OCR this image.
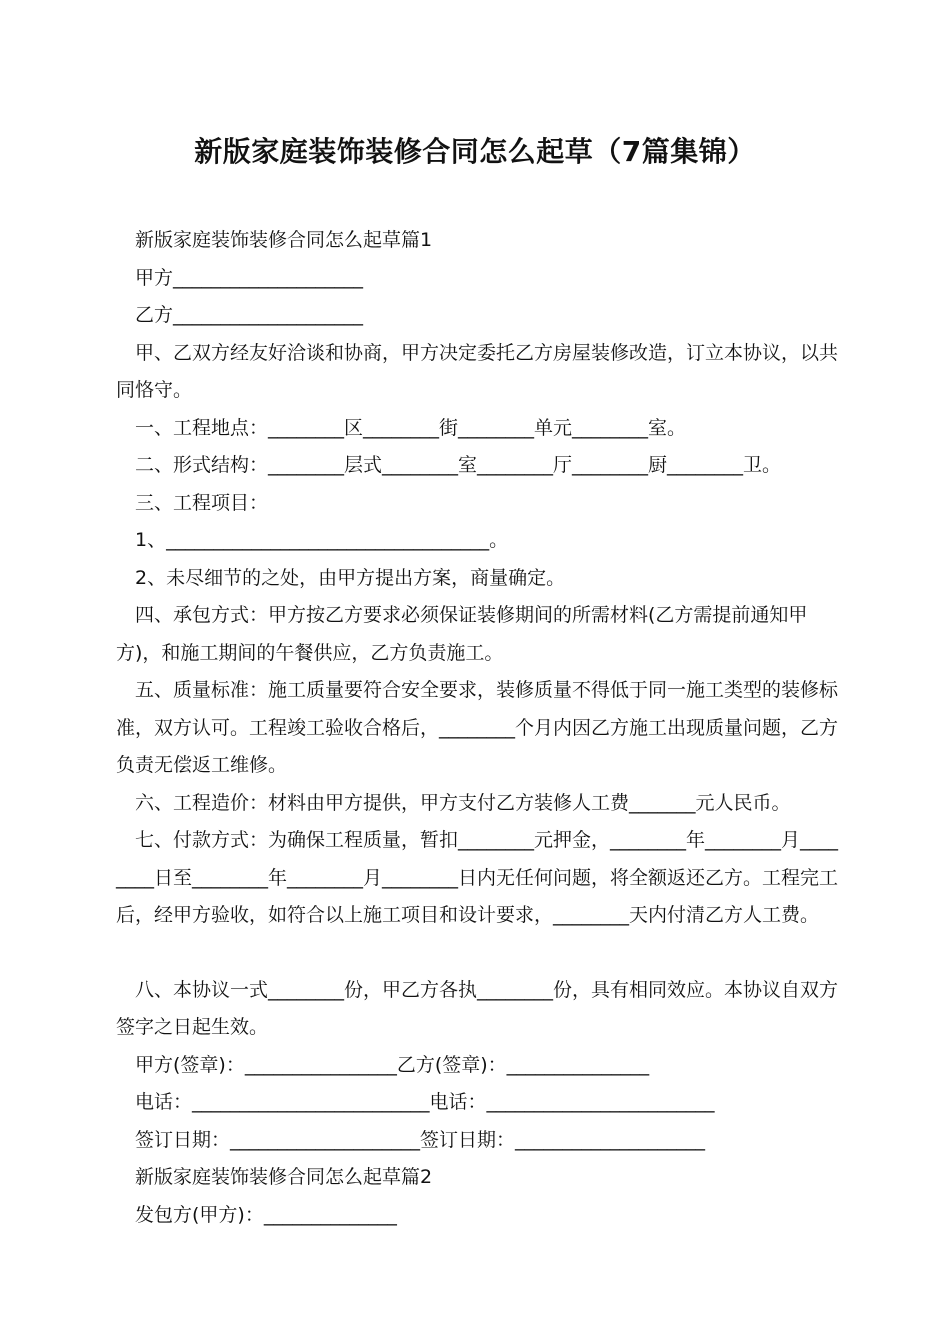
新版家庭装饰装修合同怎么起草（7篇集锦）

新版家庭装饰装修合同怎么起草篇1

甲方____________________

乙方____________________

甲、乙双方经友好洽谈和协商，甲方决定委托乙方房屋装修改造，订立本协议，以共同恪守。

一、工程地点：________区________街________单元________室。

二、形式结构：________层式________室________厅________厨________卫。

三、工程项目：

1、__________________________________。

2、未尽细节的之处，由甲方提出方案，商量确定。

四、承包方式：甲方按乙方要求必须保证装修期间的所需材料(乙方需提前通知甲方)，和施工期间的午餐供应，乙方负责施工。

五、质量标准：施工质量要符合安全要求，装修质量不得低于同一施工类型的装修标准，双方认可。工程竣工验收合格后，________个月内因乙方施工出现质量问题，乙方负责无偿返工维修。

六、工程造价：材料由甲方提供，甲方支付乙方装修人工费_______元人民币。

七、付款方式：为确保工程质量，暂扣________元押金，________年________月________日至________年________月________日内无任何问题，将全额返还乙方。工程完工后，经甲方验收，如符合以上施工项目和设计要求，________天内付清乙方人工费。

八、本协议一式________份，甲乙方各执________份，具有相同效应。本协议自双方签字之日起生效。

甲方(签章)：________________乙方(签章)：_______________

电话：_________________________电话：________________________

签订日期：____________________签订日期：____________________

新版家庭装饰装修合同怎么起草篇2

发包方(甲方)：______________
